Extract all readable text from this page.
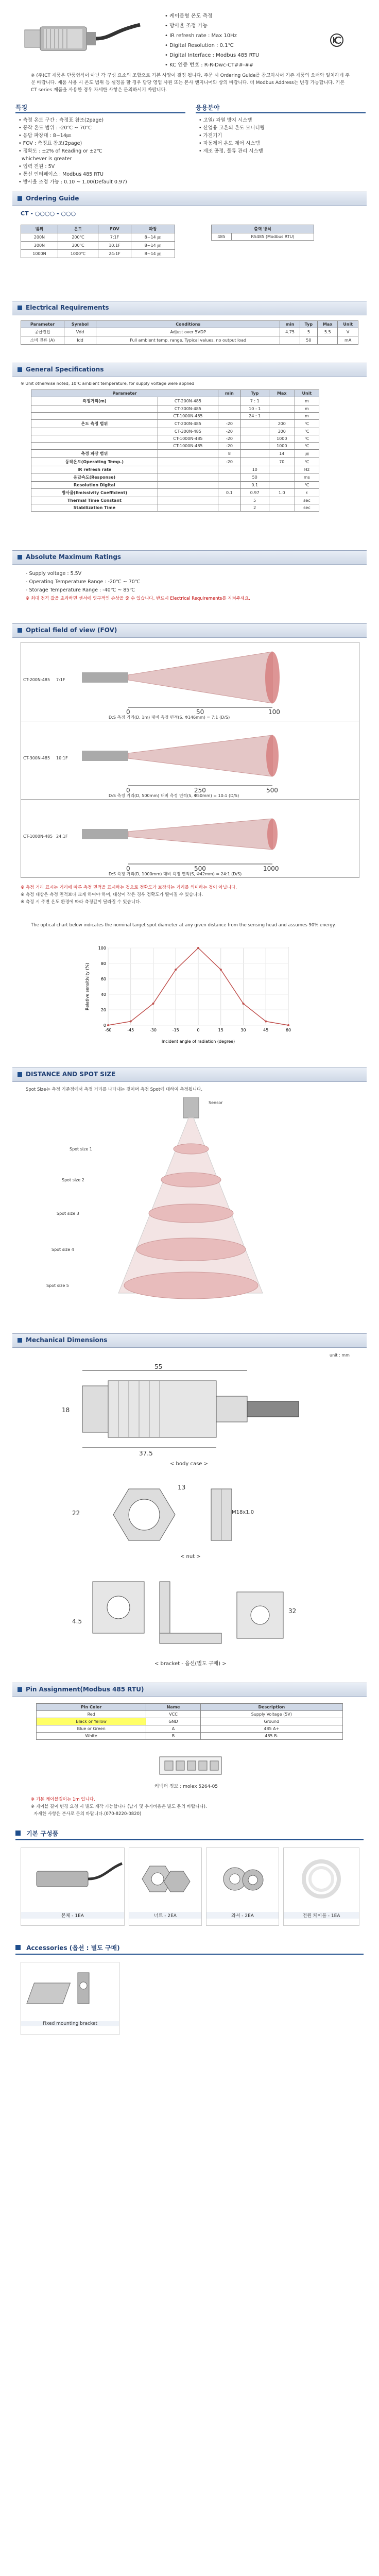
• 케이블형 온도 측정
• 방사율 조정 가능
• IR refresh rate : Max 10Hz
• Digital Resolution : 0.1℃
• Digital Interface : Modbus 485 RTU
• KC 인증 번호 : R-R-Dwc-CT##-##
※ (주)CT 제품은 단품형식이 아닌 각 구성 요소의 조합으로 기본 사양이 결정 됩니다. 주문 시 Ordering Guide를 참고하시어 기존 제품의 오더와 일치하게 주문 바랍니다. 제품 사용 시 온도 범위 등 설정을 할 경우 담당 영업 사원 또는 본사 엔지니어와 상의 바랍니다. 더 Modbus Address는 변경 가능합니다. 기본 CT series 제품을 사용한 경우 자세한 사항은 문의하시기 바랍니다.
특징	응용분야
• 측정 온도 구간 : 측정표 참조(2page)
• 동작 온도 범위 : -20℃ ~ 70℃
• 응답 파장대 : 8~14㎛
• FOV : 측정표 참조(2page)
• 정확도 : ±2% of Reading or ±2℃
whichever is greater
• 입력 전원 : 5V
• 통신 인터페이스 : Modbus 485 RTU
• 방사율 조정 가능 : 0.10 ~ 1.00(Default 0.97)
• 고열/ 과열 방지 시스템
• 산업용 고온의 온도 모니터링
• 가전기기
• 자동제어 온도 제어 시스템
• 제조 공정, 물류 관리 시스템
Ordering Guide
CT - ○○○○ - ○○○
범위	온도	FOV	파장
200N	200℃	7:1F	8~14 ㎛
300N	300℃	10:1F	8~14 ㎛
1000N	1000℃	24:1F	8~14 ㎛
출력 방식
485	RS485 (Modbus RTU)
Electrical Requirements
Parameter	Symbol	Conditions	min	Typ	Max	Unit
공급전압	Vdd	Adjust over 5VDP	4.75	5	5.5	V
소비 전류 (A)	Idd	Full ambient temp. range, Typical values, no output load		50		mA
General Specifications
※ Unit otherwise noted, 10℃ ambient temperature, for supply voltage were applied
Parameter		min	Typ	Max	Unit
측정거리(m)	CT-200N-485		7 : 1		m
	CT-300N-485		10 : 1		m
	CT-1000N-485		24 : 1		m
온도 측정 범위	CT-200N-485	-20		200	℃
	CT-300N-485	-20		300	℃
	CT-1000N-485	-20		1000	℃
	CT-1000N-485	-20		1000	℃
측정 파장 범위		8		14	㎛
동작온도(Operating Temp.)		-20		70	℃
IR refresh rate			10		Hz
응답속도(Response)			50		ms
Resolution Digital			0.1		℃
방사율(Emissivity Coefficient)		0.1	0.97	1.0	ε
Thermal Time Constant			5		sec
Stabilization Time			2		sec
Absolute Maximum Ratings
- Supply voltage : 5.5V
- Operating Temperature Range : -20℃ ~ 70℃
- Storage Temperature Range : -40℃ ~ 85℃
※ 최대 정격 값을 초과하면 센서에 영구적인 손상을 줄 수 있습니다. 반드시 Electrical Requirements를 지켜주세요.
Optical field of view (FOV)
CT-200N-485 7:1F
0	50	100
D:S 측정 거리(D, 1m) 대비 측정 면적(S, Φ146mm) = 7:1 (D/S)
CT-300N-485 10:1F
0	250	500
D:S 측정 거리(D, 500mm) 대비 측정 면적(S, Φ50mm) = 10:1 (D/S)
CT-1000N-485 24:1F
0	500	1000
D:S 측정 거리(D, 1000mm) 대비 측정 면적(S, Φ42mm) = 24:1 (D/S)
※ 측정 거리 표시는 거리에 따른 측정 면적을 표시하는 것으로 정확도가 보장되는 거리를 의미하는 것이 아닙니다.
※ 측정 대상은 측정 면적보다 크게 하여야 하며, 대상이 작은 경우 정확도가 떨어질 수 있습니다.
※ 측정 시 주변 온도 환경에 따라 측정값이 달라질 수 있습니다.
The optical chart below indicates the nominal target spot diameter at any given distance from the sensing head and assumes 90% energy.
-60	-45	-30	-15	0	15	30	45	60
0
20
40
60
80
100
Incident angle of radiation (degree)
Relative sensitivity (%)
DISTANCE AND SPOT SIZE
Spot Size는 측정 기준점에서 측정 거리를 나타내는 것이며 측정 Spot에 대하여 측정됩니다.
Sensor
Spot size 1
Spot size 2
Spot size 3
Spot size 4
Spot size 5
Mechanical Dimensions
unit : mm
55
37.5
18
< body case >
13
22	M18x1.0
< nut >
4.5
32
< bracket - 옵션(별도 구매) >
Pin Assignment(Modbus 485 RTU)
Pin Color	Name	Description
Red	VCC	Supply Voltage (5V)
Black or Yellow	GND	Ground
Blue or Green	A	485 A+
White	B	485 B-
커넥터 정보 : molex 5264-05
※ 기본 케이블길이는 1m 입니다.
※ 케이블 길이 변경 요청 시 별도 제작 가능합니다 (납기 및 추가비용은 별도 문의 바랍니다).
자세한 사항은 본사로 문의 바랍니다.(070-8220-0820)
기본 구성품
본체 - 1EA	너트 - 2EA	와셔 - 2EA	전원 케이블 - 1EA
Accessories (옵션 : 별도 구매)
Fixed mounting bracket
